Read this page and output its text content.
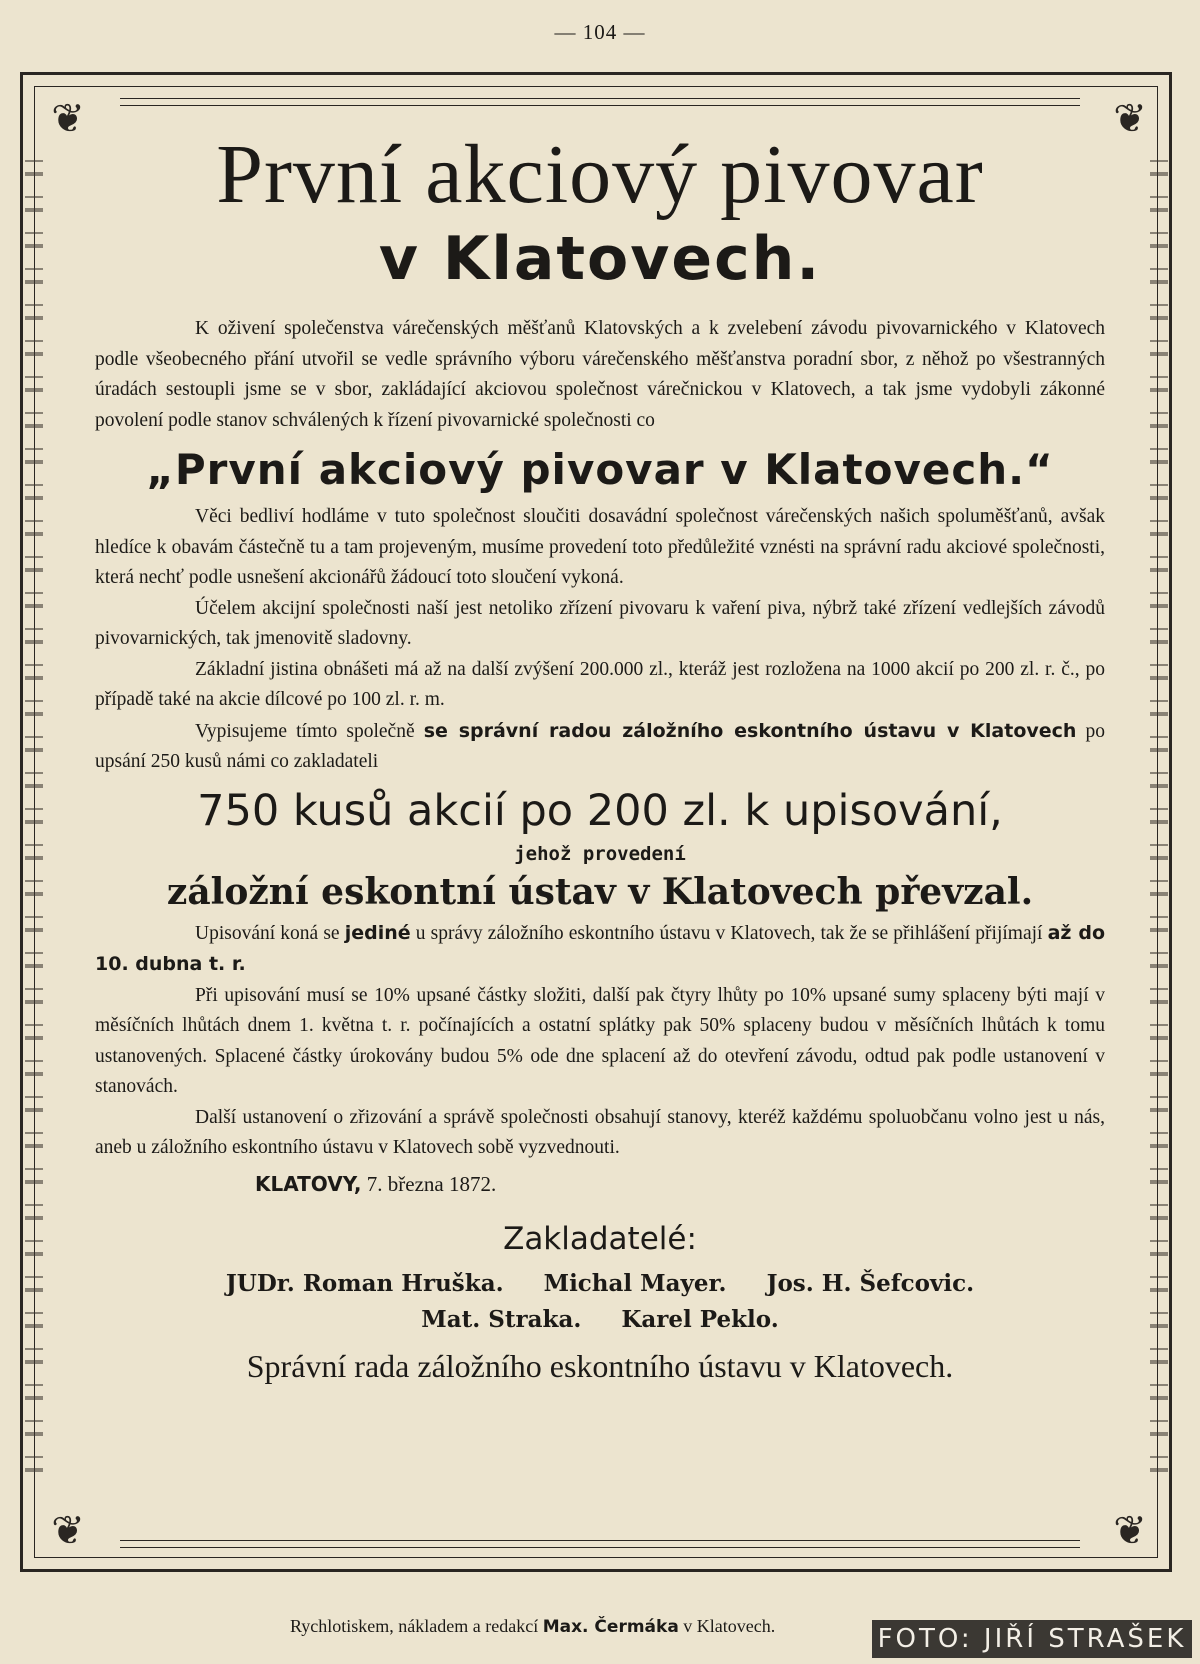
— 104 —
❦	❦
❦	❦
První akciový pivovar
v Klatovech.

K oživení společenstva várečenských měšťanů Klatovských a k zvelebení závodu pivovarnického v Klatovech podle všeobecného přání utvořil se vedle správního výboru várečenského měšťanstva poradní sbor, z něhož po všestranných úradách sestoupli jsme se v sbor, zakládající akciovou společnost várečnickou v Klatovech, a tak jsme vydobyli zákonné povolení podle stanov schválených k řízení pivovarnické společnosti co

„První akciový pivovar v Klatovech.“

Věci bedliví hodláme v tuto společnost sloučiti dosavádní společnost várečenských našich spoluměšťanů, avšak hledíce k obavám částečně tu a tam projeveným, musíme provedení toto předůležité vznésti na správní radu akciové společnosti, která nechť podle usnešení akcionářů žádoucí toto sloučení vykoná.

Účelem akcijní společnosti naší jest netoliko zřízení pivovaru k vaření piva, nýbrž také zřízení vedlejších závodů pivovarnických, tak jmenovitě sladovny.

Základní jistina obnášeti má až na další zvýšení 200.000 zl., kteráž jest rozložena na 1000 akcií po 200 zl. r. č., po případě také na akcie dílcové po 100 zl. r. m.

Vypisujeme tímto společně se správní radou záložního eskontního ústavu v Klatovech po upsání 250 kusů námi co zakladateli

750 kusů akcií po 200 zl. k upisování,
jehož provedení
záložní eskontní ústav v Klatovech převzal.

Upisování koná se jediné u správy záložního eskontního ústavu v Klatovech, tak že se přihlášení přijímají až do 10. dubna t. r.

Při upisování musí se 10% upsané částky složiti, další pak čtyry lhůty po 10% upsané sumy splaceny býti mají v měsíčních lhůtách dnem 1. května t. r. počínajících a ostatní splátky pak 50% splaceny budou v měsíčních lhůtách k tomu ustanovených. Splacené částky úrokovány budou 5% ode dne splacení až do otevření závodu, odtud pak podle ustanovení v stanovách.

Další ustanovení o zřizování a správě společnosti obsahují stanovy, kteréž každému spoluobčanu volno jest u nás, aneb u záložního eskontního ústavu v Klatovech sobě vyzvednouti.

KLATOVY, 7. března 1872.
Zakladatelé:
JUDr. Roman Hruška. Michal Mayer. Jos. H. Šefcovic.
Mat. Straka. Karel Peklo.
Správní rada záložního eskontního ústavu v Klatovech.
Rychlotiskem, nákladem a redakcí Max. Čermáka v Klatovech.	FOTO: JIŘÍ STRAŠEK
